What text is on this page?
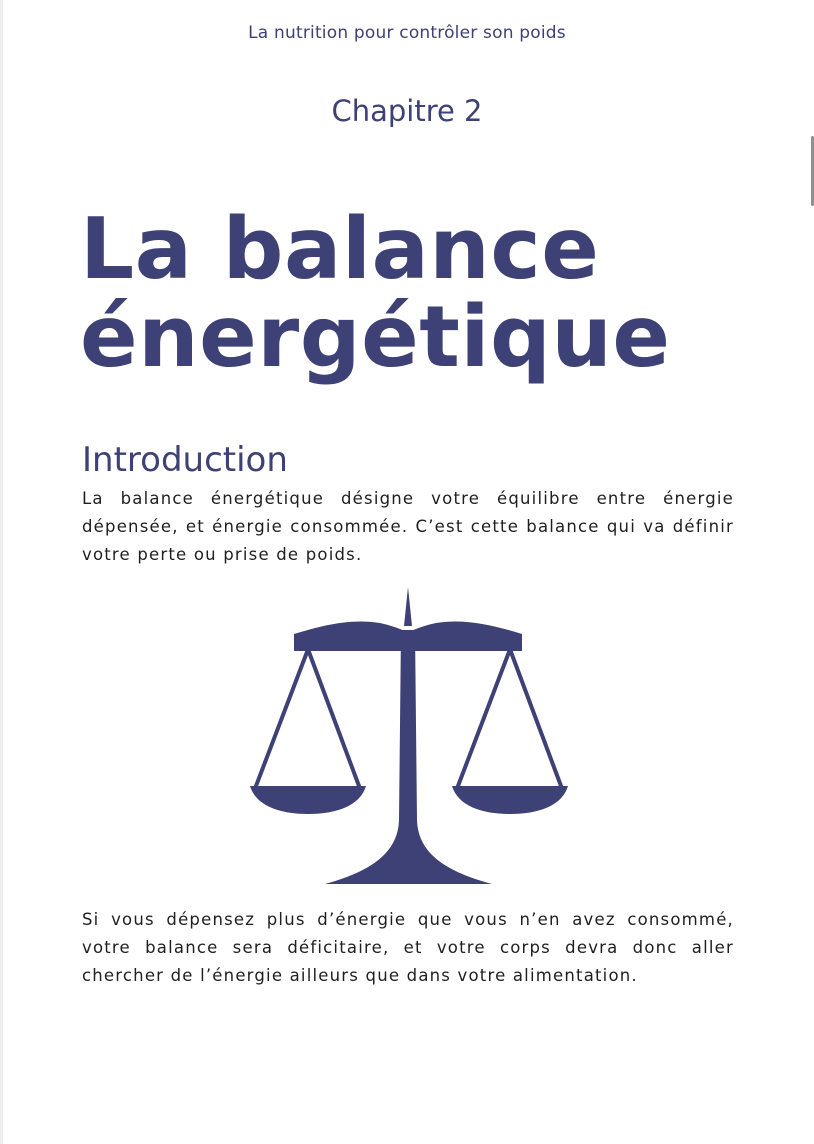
La nutrition pour contrôler son poids
Chapitre 2
La balance
énergétique
Introduction

La balance énergétique désigne votre équilibre entre énergie dépensée, et énergie consommée. C’est cette balance qui va définir votre perte ou prise de poids.

Si vous dépensez plus d’énergie que vous n’en avez consommé, votre balance sera déficitaire, et votre corps devra donc aller chercher de l’énergie ailleurs que dans votre alimentation.
